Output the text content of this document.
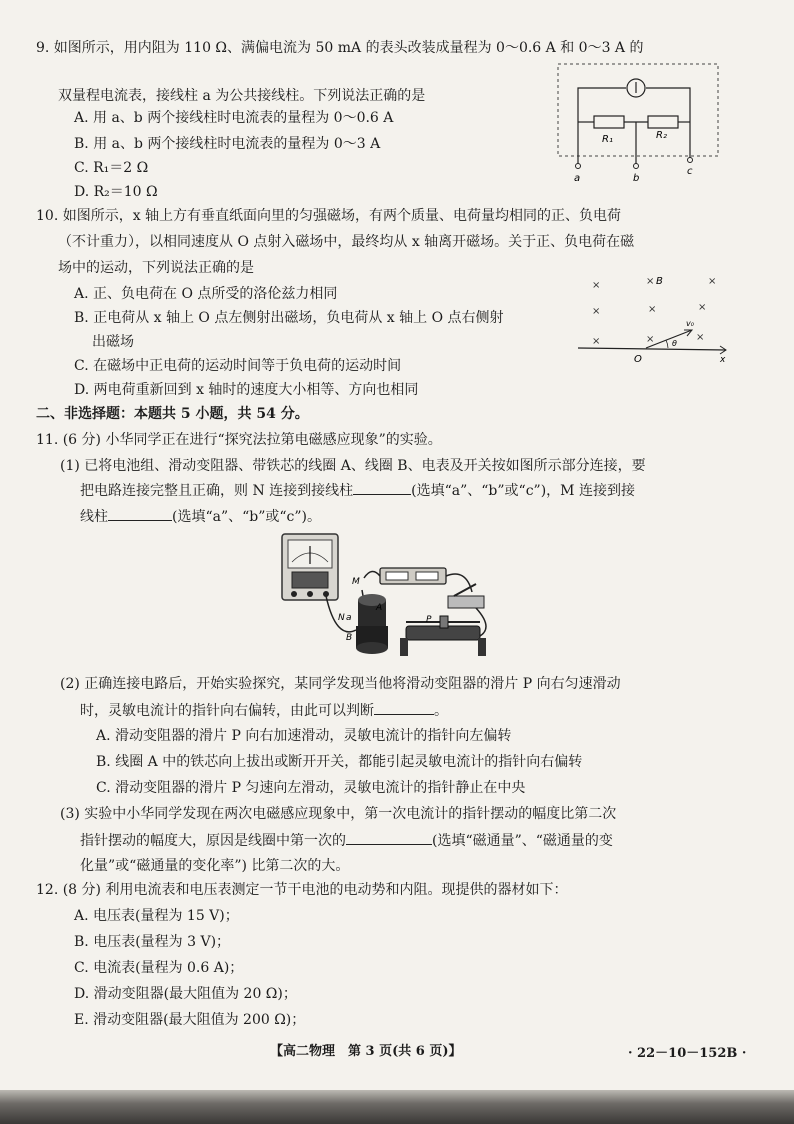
9. 如图所示，用内阻为 110 Ω、满偏电流为 50 mA 的表头改装成量程为 0～0.6 A 和 0～3 A 的
双量程电流表，接线柱 a 为公共接线柱。下列说法正确的是
A. 用 a、b 两个接线柱时电流表的量程为 0～0.6 A
B. 用 a、b 两个接线柱时电流表的量程为 0～3 A
C. R₁＝2 Ω
D. R₂＝10 Ω
R₁	R₂
a	b
c
10. 如图所示，x 轴上方有垂直纸面向里的匀强磁场，有两个质量、电荷量均相同的正、负电荷
（不计重力），以相同速度从 O 点射入磁场中，最终均从 x 轴离开磁场。关于正、负电荷在磁
场中的运动，下列说法正确的是
A. 正、负电荷在 O 点所受的洛伦兹力相同
B. 正电荷从 x 轴上 O 点左侧射出磁场，负电荷从 x 轴上 O 点右侧射
出磁场
C. 在磁场中正电荷的运动时间等于负电荷的运动时间
D. 两电荷重新回到 x 轴时的速度大小相等、方向也相同
×	×	×
×	×	×
×	×	×
B
x
v₀
θ
O
二、非选择题：本题共 5 小题，共 54 分。
11. (6 分) 小华同学正在进行“探究法拉第电磁感应现象”的实验。
(1) 已将电池组、滑动变阻器、带铁芯的线圈 A、线圈 B、电表及开关按如图所示部分连接，要
把电路连接完整且正确，则 N 连接到接线柱	(选填“a”、“b”或“c”)，M 连接到接
线柱	(选填“a”、“b”或“c”)。
M
N a
A
B
P
(2) 正确连接电路后，开始实验探究，某同学发现当他将滑动变阻器的滑片 P 向右匀速滑动
时，灵敏电流计的指针向右偏转，由此可以判断	。
A. 滑动变阻器的滑片 P 向右加速滑动，灵敏电流计的指针向左偏转
B. 线圈 A 中的铁芯向上拔出或断开开关，都能引起灵敏电流计的指针向右偏转
C. 滑动变阻器的滑片 P 匀速向左滑动，灵敏电流计的指针静止在中央
(3) 实验中小华同学发现在两次电磁感应现象中，第一次电流计的指针摆动的幅度比第二次
指针摆动的幅度大，原因是线圈中第一次的	(选填“磁通量”、“磁通量的变
化量”或“磁通量的变化率”) 比第二次的大。
12. (8 分) 利用电流表和电压表测定一节干电池的电动势和内阻。现提供的器材如下：
A. 电压表(量程为 15 V)；
B. 电压表(量程为 3 V)；
C. 电流表(量程为 0.6 A)；
D. 滑动变阻器(最大阻值为 20 Ω)；
E. 滑动变阻器(最大阻值为 200 Ω)；
【高二物理　第 3 页(共 6 页)】	· 22－10－152B ·
